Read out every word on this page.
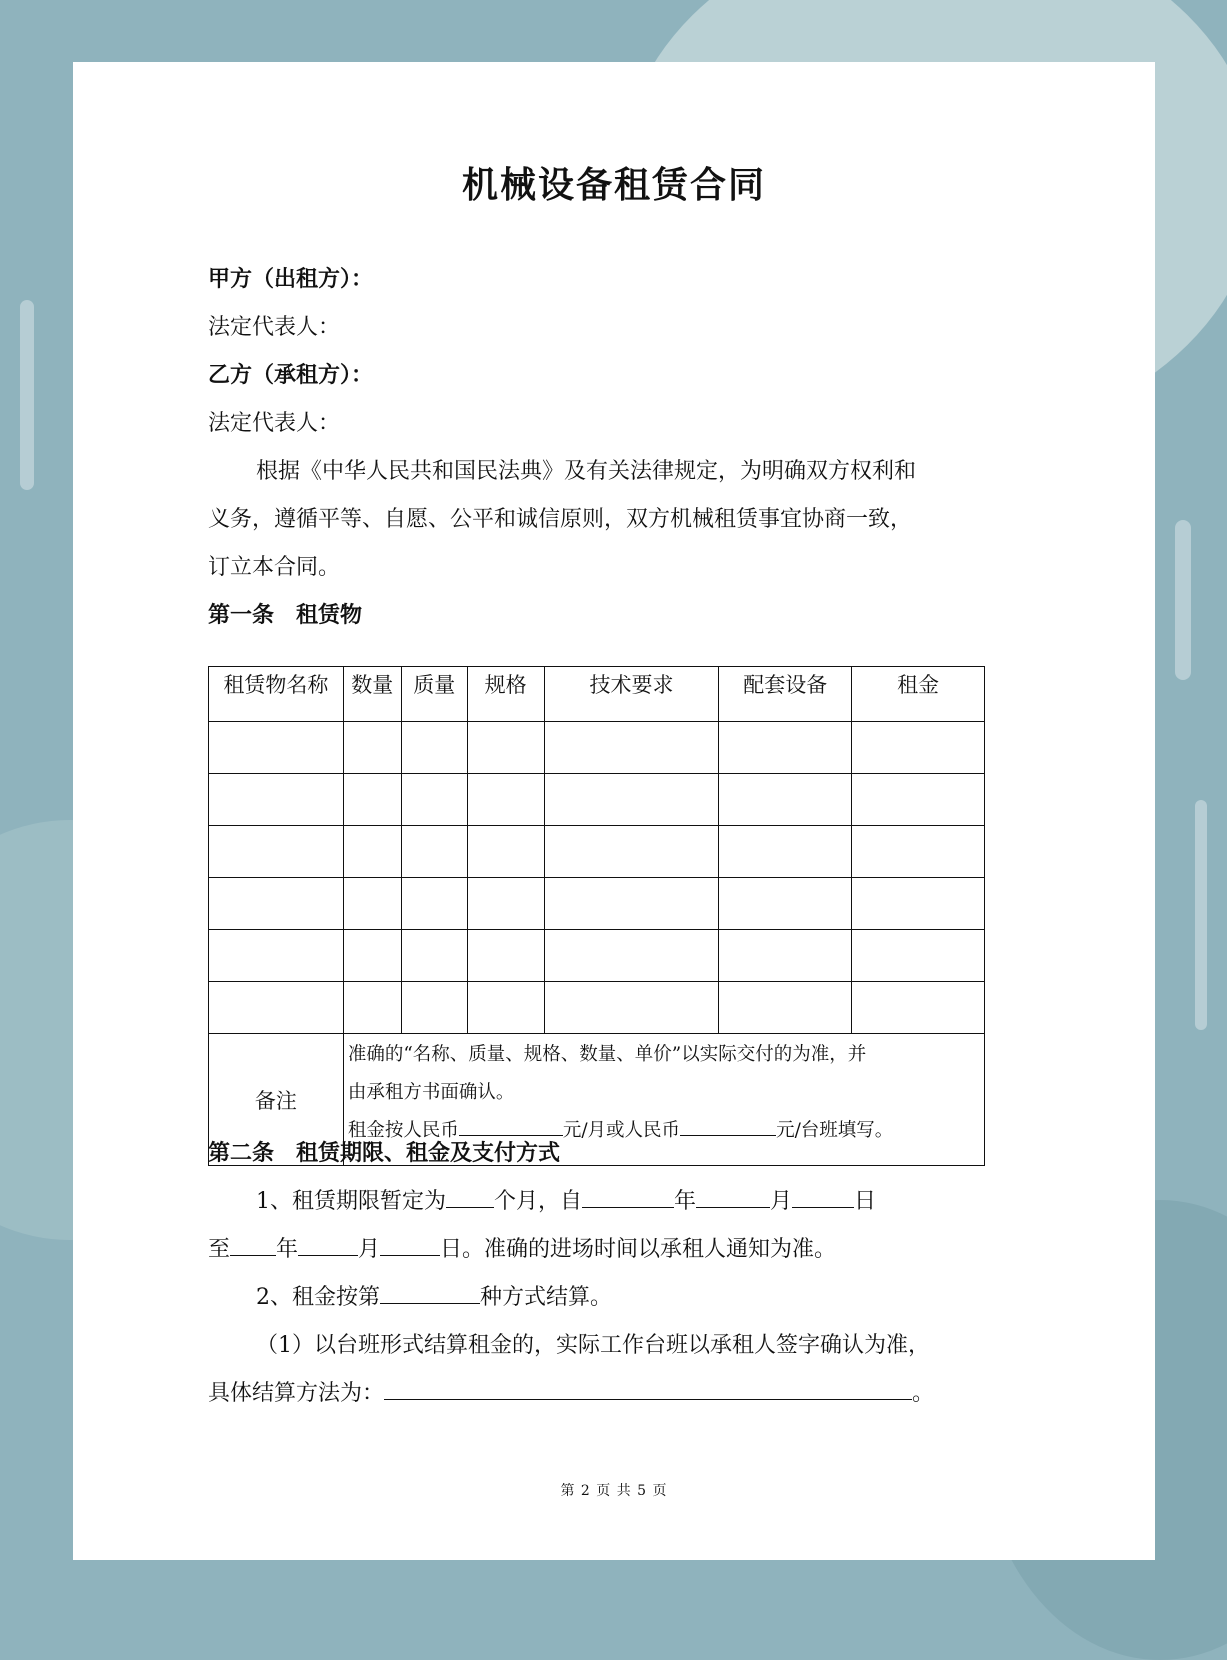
机械设备租赁合同
甲方（出租方）：
法定代表人：
乙方（承租方）：
法定代表人：
根据《中华人民共和国民法典》及有关法律规定，为明确双方权利和
义务，遵循平等、自愿、公平和诚信原则，双方机械租赁事宜协商一致，
订立本合同。
第一条　租赁物
租赁物名称	数量	质量	规格	技术要求	配套设备	租金

备注	准确的“名称、质量、规格、数量、单价”以实际交付的为准，并
由承租方书面确认。
租金按人民币 元/月或人民币 元/台班填写。					
第二条　租赁期限、租金及支付方式
1、租赁期限暂定为 个月，自	年	月	日
至 年	月	日。准确的进场时间以承租人通知为准。
2、租金按第	种方式结算。
（1）以台班形式结算租金的，实际工作台班以承租人签字确认为准，
具体结算方法为：	。
第 2 页 共 5 页
